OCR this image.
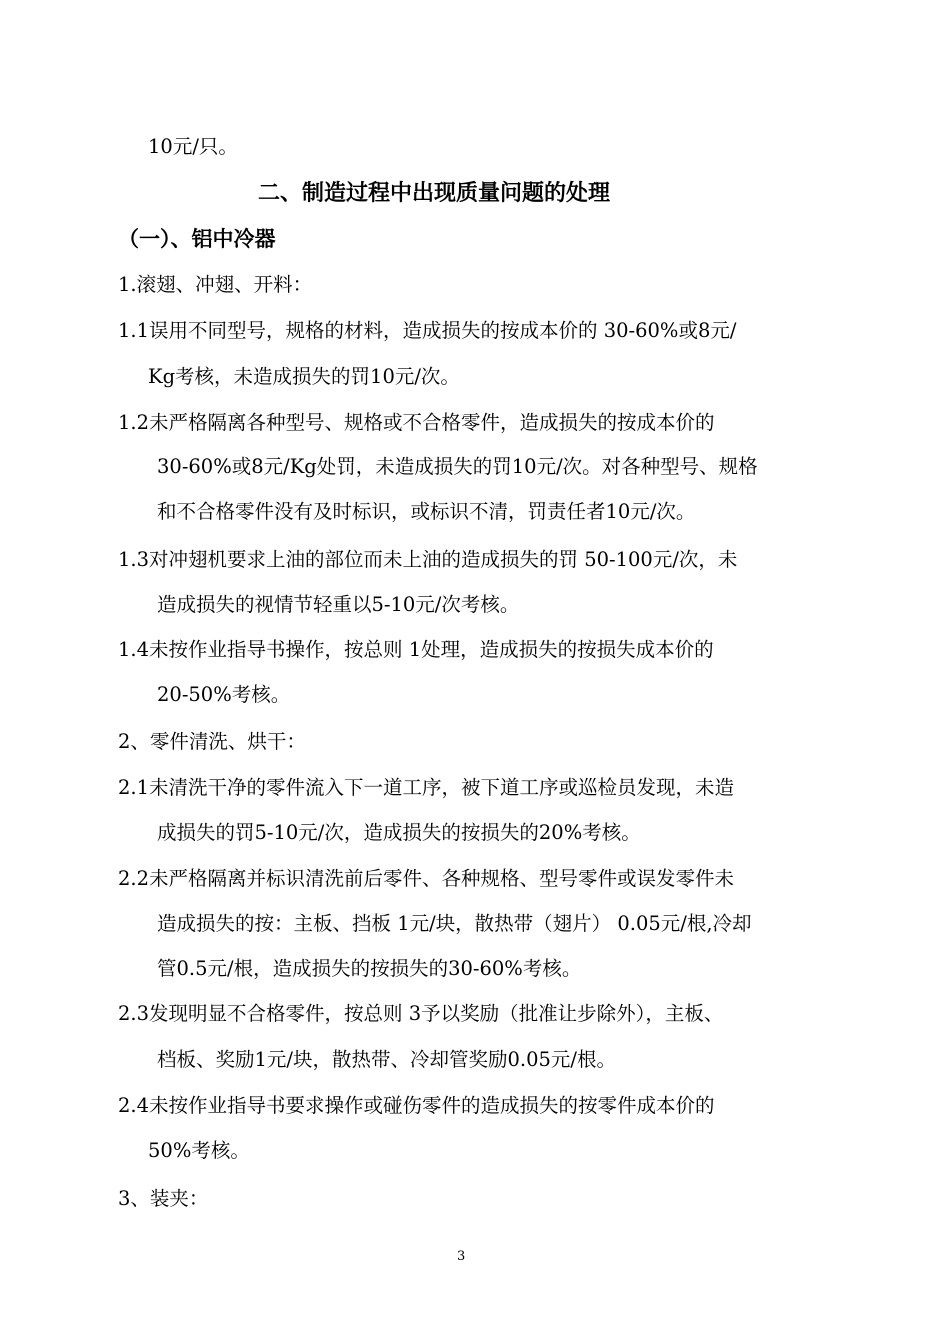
10元/只。
二、制造过程中出现质量问题的处理
（一）、铝中冷器
1.滚翅、冲翅、开料：
1.1误用不同型号，规格的材料，造成损失的按成本价的 30-60%或8元/
Kg考核，未造成损失的罚10元/次。
1.2未严格隔离各种型号、规格或不合格零件，造成损失的按成本价的
30-60%或8元/Kg处罚，未造成损失的罚10元/次。对各种型号、规格
和不合格零件没有及时标识，或标识不清，罚责任者10元/次。
1.3对冲翅机要求上油的部位而未上油的造成损失的罚 50-100元/次，未
造成损失的视情节轻重以5-10元/次考核。
1.4未按作业指导书操作，按总则 1处理，造成损失的按损失成本价的
20-50%考核。
2、零件清洗、烘干：
2.1未清洗干净的零件流入下一道工序，被下道工序或巡检员发现，未造
成损失的罚5-10元/次，造成损失的按损失的20%考核。
2.2未严格隔离并标识清洗前后零件、各种规格、型号零件或误发零件未
造成损失的按：主板、挡板 1元/块，散热带（翅片） 0.05元/根,冷却
管0.5元/根，造成损失的按损失的30-60%考核。
2.3发现明显不合格零件，按总则 3予以奖励（批准让步除外），主板、
档板、奖励1元/块，散热带、冷却管奖励0.05元/根。
2.4未按作业指导书要求操作或碰伤零件的造成损失的按零件成本价的
50%考核。
3、装夹：
3
